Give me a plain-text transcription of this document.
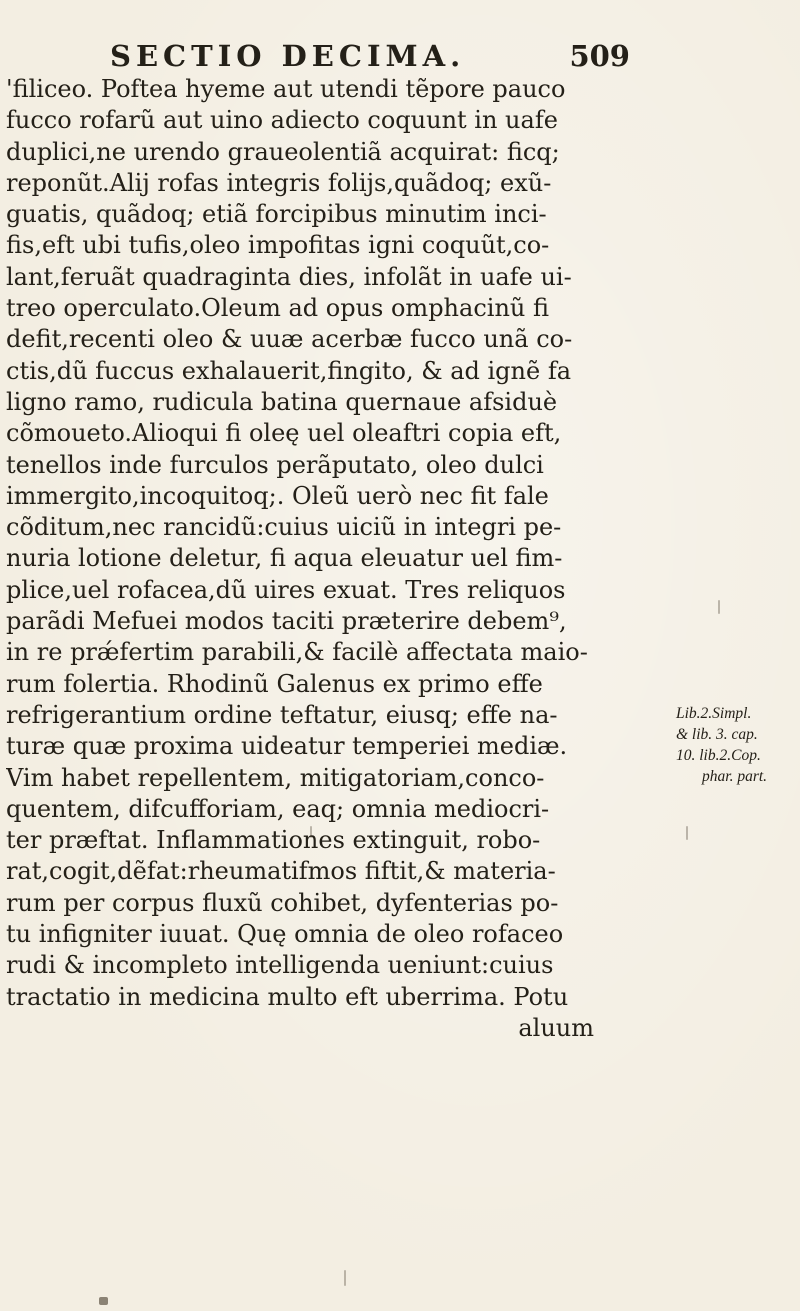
SECTIO DECIMA.	509
'filiceo. Poftea hyeme aut utendi tẽpore pauco
fucco rofarũ aut uino adiecto coquunt in uafe
duplici,ne urendo graueolentiã acquirat: ficq;
reponũt.Alij rofas integris folijs,quãdoq; exũ-
guatis, quãdoq; etiã forcipibus minutim inci-
fis,eft ubi tufis,oleo impofitas igni coquũt,co-
lant,feruãt quadraginta dies, infolãt in uafe ui-
treo operculato.Oleum ad opus omphacinũ fi
defit,recenti oleo & uuæ acerbæ fucco unã co-
ctis,dũ fuccus exhalauerit,fingito, & ad ignẽ fa
ligno ramo, rudicula batina quernaue afsiduè
cõmoueto.Alioqui fi oleę uel oleaftri copia eft,
tenellos inde furculos perãputato, oleo dulci
immergito,incoquitoq;. Oleũ uerò nec fit fale
cõditum,nec rancidũ:cuius uiciũ in integri pe-
nuria lotione deletur, fi aqua eleuatur uel fim-
plice,uel rofacea,dũ uires exuat. Tres reliquos
parãdi Mefuei modos taciti præterire debem⁹,
in re prǽfertim parabili,& facilè affectata maio-
rum folertia. Rhodinũ Galenus ex primo effe
refrigerantium ordine teftatur, eiusq; effe na-
turæ quæ proxima uideatur temperiei mediæ.
Vim habet repellentem, mitigatoriam,conco-
quentem, difcufforiam, eaq; omnia mediocri-
ter præftat. Inflammationes extinguit, robo-
rat,cogit,dẽfat:rheumatifmos fiftit,& materia-
rum per corpus fluxũ cohibet, dyfenterias po-
tu infigniter iuuat. Quę omnia de oleo rofaceo
rudi & incompleto intelligenda ueniunt:cuius
tractatio in medicina multo eft uberrima. Potu
aluum
Lib.2.Simpl.
& lib. 3. cap.
10. lib.2.Cop.
phar. part.
